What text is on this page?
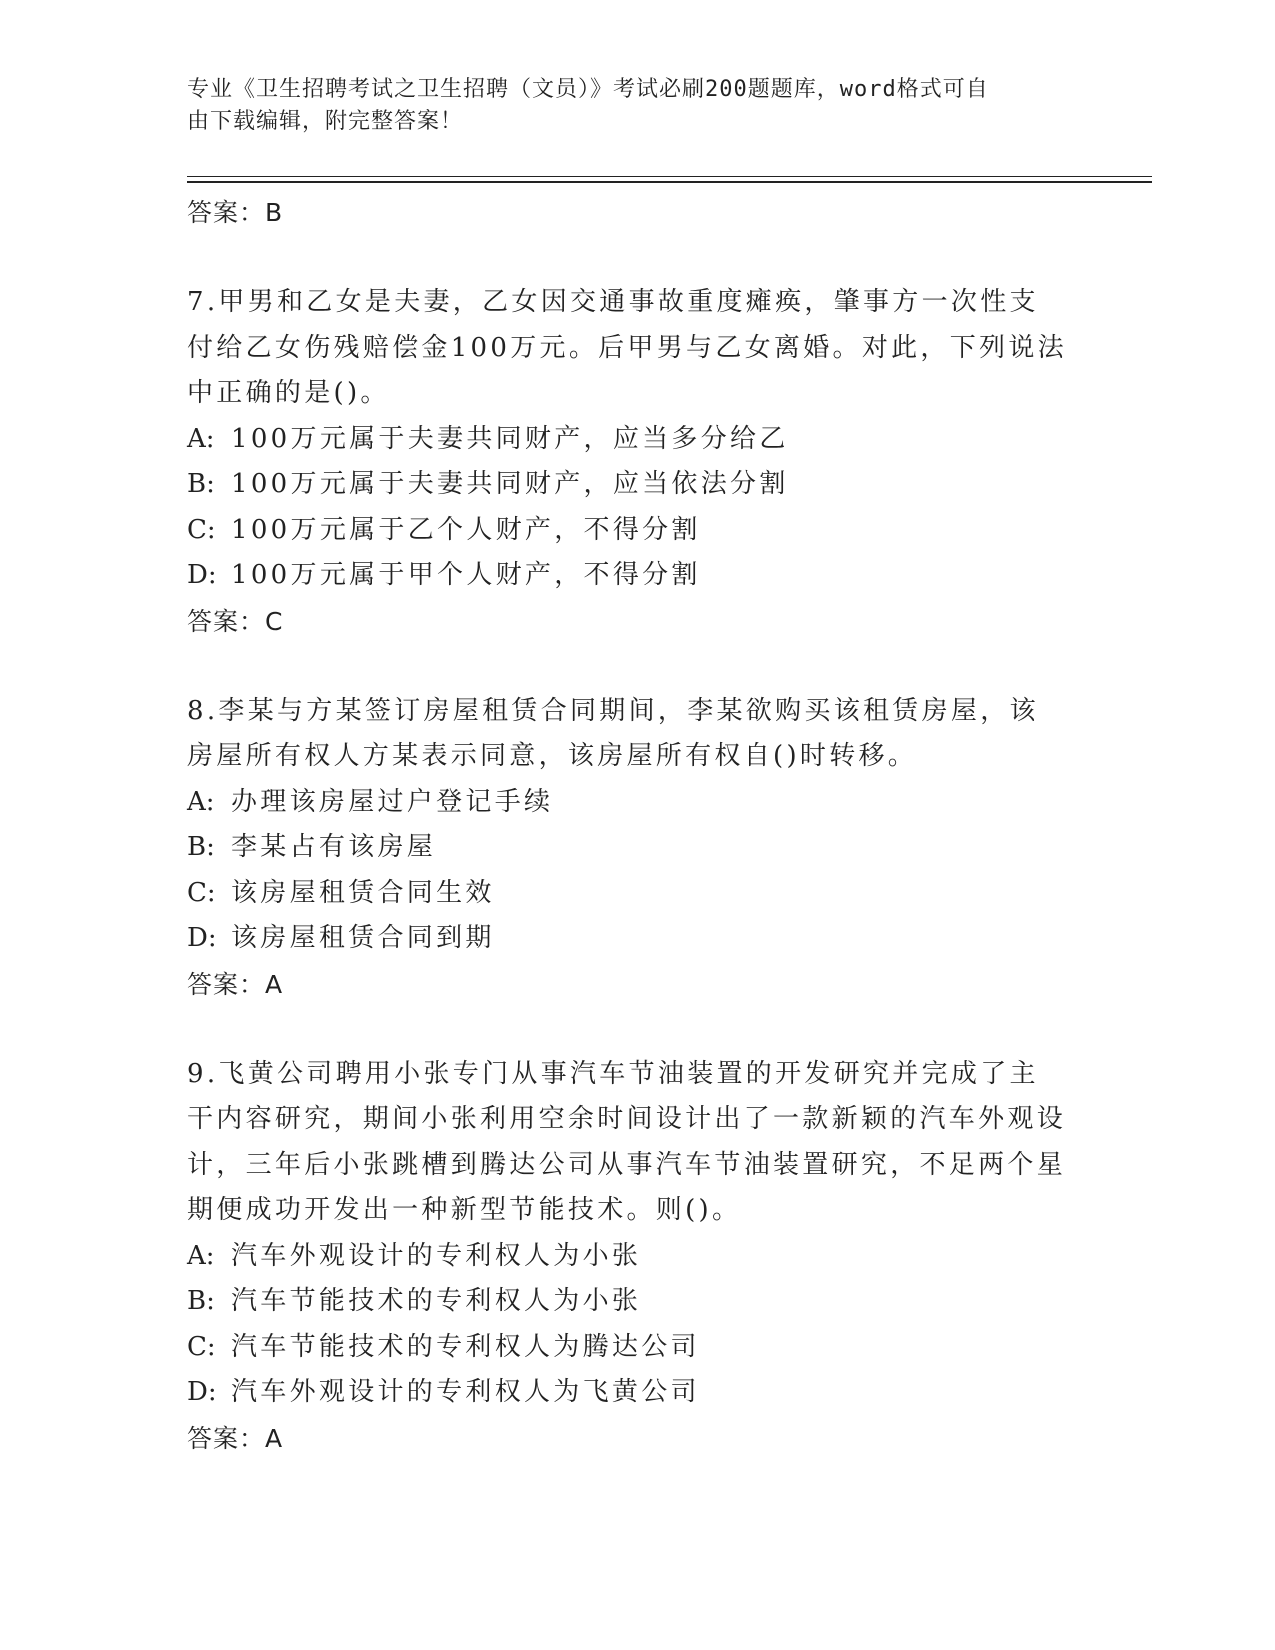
专业《卫生招聘考试之卫生招聘（文员）》考试必刷200题题库，word格式可自
由下载编辑，附完整答案！
答案：B
7.甲男和乙女是夫妻，乙女因交通事故重度瘫痪，肇事方一次性支付给乙女伤残赔偿金100万元。后甲男与乙女离婚。对此，下列说法中正确的是()。
A: 100万元属于夫妻共同财产，应当多分给乙
B: 100万元属于夫妻共同财产，应当依法分割
C: 100万元属于乙个人财产，不得分割
D: 100万元属于甲个人财产，不得分割
答案：C
8.李某与方某签订房屋租赁合同期间，李某欲购买该租赁房屋，该房屋所有权人方某表示同意，该房屋所有权自()时转移。
A: 办理该房屋过户登记手续
B: 李某占有该房屋
C: 该房屋租赁合同生效
D: 该房屋租赁合同到期
答案：A
9.飞黄公司聘用小张专门从事汽车节油装置的开发研究并完成了主干内容研究，期间小张利用空余时间设计出了一款新颖的汽车外观设计，三年后小张跳槽到腾达公司从事汽车节油装置研究，不足两个星期便成功开发出一种新型节能技术。则()。
A: 汽车外观设计的专利权人为小张
B: 汽车节能技术的专利权人为小张
C: 汽车节能技术的专利权人为腾达公司
D: 汽车外观设计的专利权人为飞黄公司
答案：A
